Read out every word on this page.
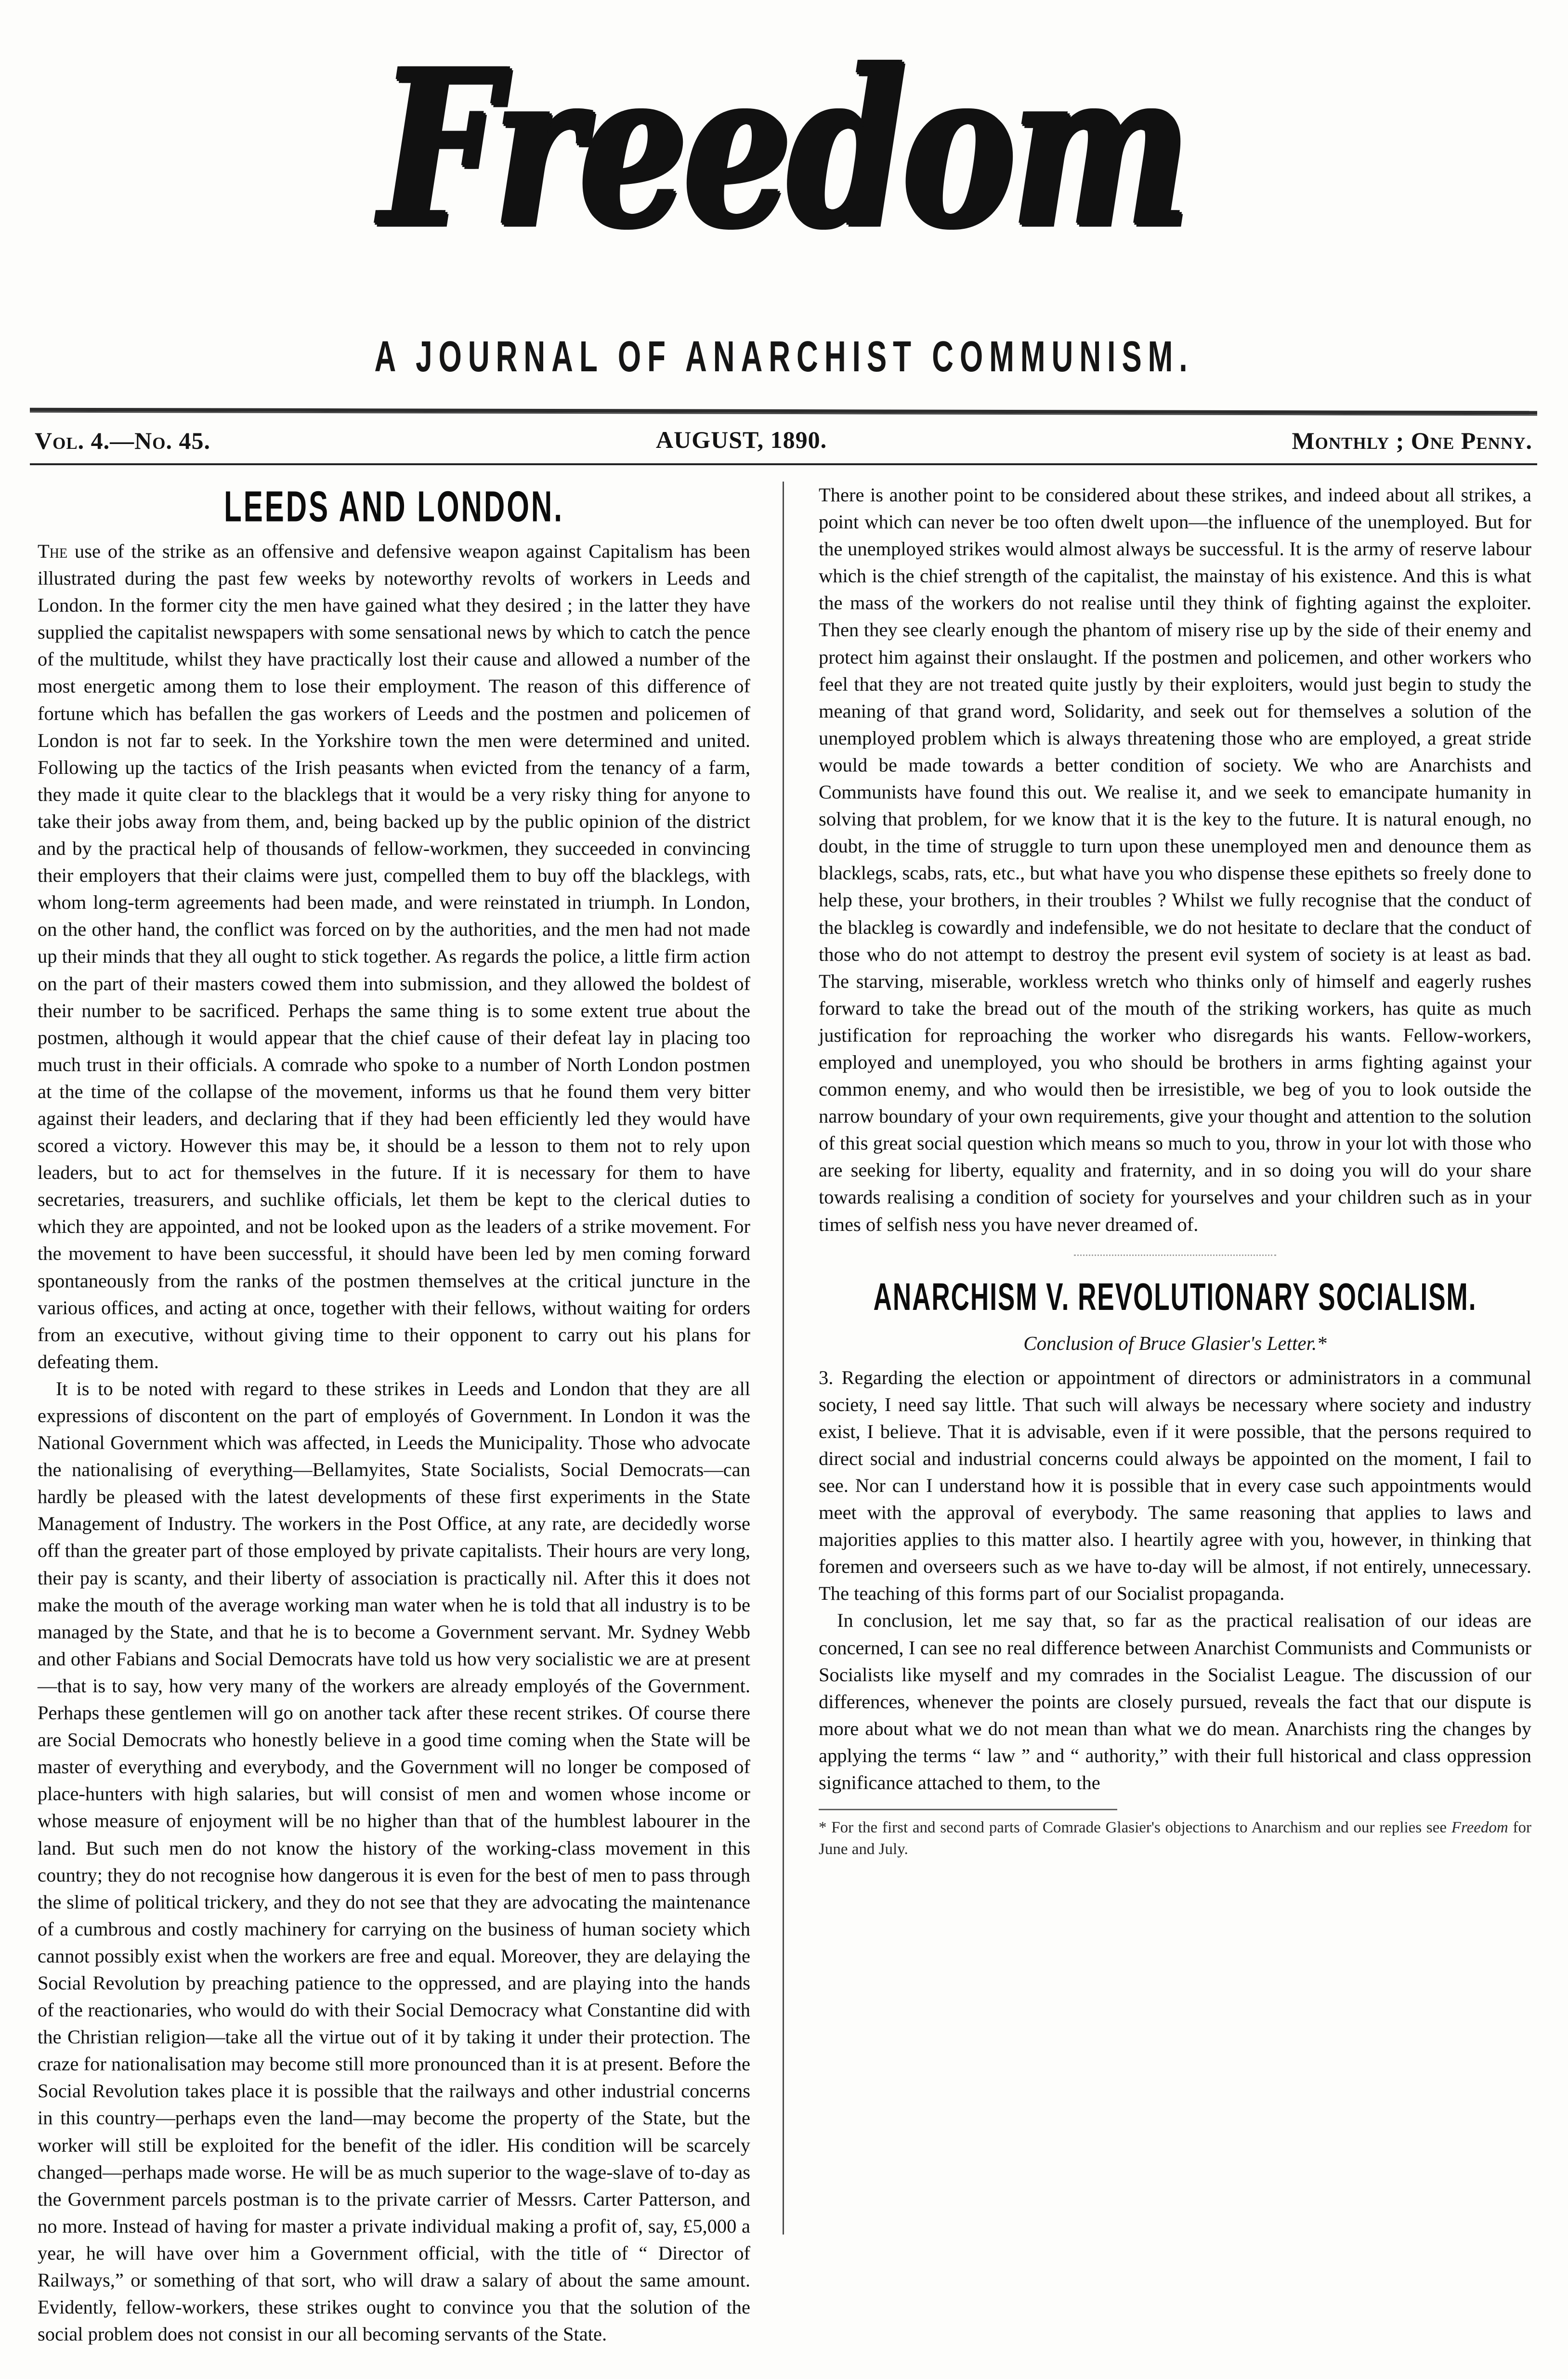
Freedom
A JOURNAL OF ANARCHIST COMMUNISM.
Vol. 4.—No. 45.	AUGUST, 1890.	Monthly ; One Penny.
LEEDS AND LONDON.

The use of the strike as an offensive and defensive weapon against Capitalism has been illustrated during the past few weeks by noteworthy revolts of workers in Leeds and London. In the former city the men have gained what they desired ; in the latter they have supplied the capitalist newspapers with some sensational news by which to catch the pence of the multitude, whilst they have practically lost their cause and allowed a number of the most energetic among them to lose their employment. The reason of this difference of fortune which has befallen the gas workers of Leeds and the postmen and policemen of London is not far to seek. In the Yorkshire town the men were determined and united. Following up the tactics of the Irish peasants when evicted from the tenancy of a farm, they made it quite clear to the blacklegs that it would be a very risky thing for anyone to take their jobs away from them, and, being backed up by the public opinion of the district and by the practical help of thousands of fellow-workmen, they succeeded in convincing their employers that their claims were just, compelled them to buy off the blacklegs, with whom long-term agreements had been made, and were reinstated in triumph. In London, on the other hand, the conflict was forced on by the authorities, and the men had not made up their minds that they all ought to stick together. As regards the police, a little firm action on the part of their masters cowed them into submission, and they allowed the boldest of their number to be sacrificed. Perhaps the same thing is to some extent true about the postmen, although it would appear that the chief cause of their defeat lay in placing too much trust in their officials. A comrade who spoke to a number of North London postmen at the time of the collapse of the movement, informs us that he found them very bitter against their leaders, and declaring that if they had been efficiently led they would have scored a victory. However this may be, it should be a lesson to them not to rely upon leaders, but to act for themselves in the future. If it is necessary for them to have secretaries, treasurers, and suchlike officials, let them be kept to the clerical duties to which they are appointed, and not be looked upon as the leaders of a strike movement. For the movement to have been successful, it should have been led by men coming forward spontaneously from the ranks of the postmen themselves at the critical juncture in the various offices, and acting at once, together with their fellows, without waiting for orders from an executive, without giving time to their opponent to carry out his plans for defeating them.

It is to be noted with regard to these strikes in Leeds and London that they are all expressions of discontent on the part of employés of Government. In London it was the National Government which was affected, in Leeds the Municipality. Those who advocate the nationalising of everything—Bellamyites, State Socialists, Social Democrats—can hardly be pleased with the latest developments of these first experiments in the State Management of Industry. The workers in the Post Office, at any rate, are decidedly worse off than the greater part of those employed by private capitalists. Their hours are very long, their pay is scanty, and their liberty of association is practically nil. After this it does not make the mouth of the average working man water when he is told that all industry is to be managed by the State, and that he is to become a Government servant. Mr. Sydney Webb and other Fabians and Social Democrats have told us how very socialistic we are at present—that is to say, how very many of the workers are already employés of the Government. Perhaps these gentlemen will go on another tack after these recent strikes. Of course there are Social Democrats who honestly believe in a good time coming when the State will be master of everything and everybody, and the Government will no longer be composed of place-hunters with high salaries, but will consist of men and women whose income or whose measure of enjoyment will be no higher than that of the humblest labourer in the land. But such men do not know the history of the working-class movement in this country; they do not recognise how dangerous it is even for the best of men to pass through the slime of political trickery, and they do not see that they are advocating the maintenance of a cumbrous and costly machinery for carrying on the business of human society which cannot possibly exist when the workers are free and equal. Moreover, they are delaying the Social Revolution by preaching patience to the oppressed, and are playing into the hands of the reactionaries, who would do with their Social Democracy what Constantine did with the Christian religion—take all the virtue out of it by taking it under their protection. The craze for nationalisation may become still more pronounced than it is at present. Before the Social Revolution takes place it is possible that the railways and other industrial concerns in this country—perhaps even the land—may become the property of the State, but the worker will still be exploited for the benefit of the idler. His condition will be scarcely changed—perhaps made worse. He will be as much superior to the wage-slave of to-day as the Government parcels postman is to the private carrier of Messrs. Carter Patterson, and no more. Instead of having for master a private individual making a profit of, say, £5,000 a year, he will have over him a Government official, with the title of “ Director of Railways,” or something of that sort, who will draw a salary of about the same amount. Evidently, fellow-workers, these strikes ought to convince you that the solution of the social problem does not consist in our all becoming servants of the State.

There is another point to be considered about these strikes, and indeed about all strikes, a point which can never be too often dwelt upon—the influence of the unemployed. But for the unemployed strikes would almost always be successful. It is the army of reserve labour which is the chief strength of the capitalist, the mainstay of his existence. And this is what the mass of the workers do not realise until they think of fighting against the exploiter. Then they see clearly enough the phantom of misery rise up by the side of their enemy and protect him against their onslaught. If the postmen and policemen, and other workers who feel that they are not treated quite justly by their exploiters, would just begin to study the meaning of that grand word, Solidarity, and seek out for themselves a solution of the unemployed problem which is always threatening those who are employed, a great stride would be made towards a better condition of society. We who are Anarchists and Communists have found this out. We realise it, and we seek to emancipate humanity in solving that problem, for we know that it is the key to the future. It is natural enough, no doubt, in the time of struggle to turn upon these unemployed men and denounce them as blacklegs, scabs, rats, etc., but what have you who dispense these epithets so freely done to help these, your brothers, in their troubles ? Whilst we fully recognise that the conduct of the blackleg is cowardly and indefensible, we do not hesitate to declare that the conduct of those who do not attempt to destroy the present evil system of society is at least as bad. The starving, miserable, workless wretch who thinks only of himself and eagerly rushes forward to take the bread out of the mouth of the striking workers, has quite as much justification for reproaching the worker who disregards his wants. Fellow-workers, employed and unemployed, you who should be brothers in arms fighting against your common enemy, and who would then be irresistible, we beg of you to look outside the narrow boundary of your own requirements, give your thought and attention to the solution of this great social question which means so much to you, throw in your lot with those who are seeking for liberty, equality and fraternity, and in so doing you will do your share towards realising a condition of society for yourselves and your children such as in your times of selfish ness you have never dreamed of.

ANARCHISM V. REVOLUTIONARY SOCIALISM.
Conclusion of Bruce Glasier's Letter.*

3. Regarding the election or appointment of directors or administrators in a communal society, I need say little. That such will always be necessary where society and industry exist, I believe. That it is advisable, even if it were possible, that the persons required to direct social and industrial concerns could always be appointed on the moment, I fail to see. Nor can I understand how it is possible that in every case such appointments would meet with the approval of everybody. The same reasoning that applies to laws and majorities applies to this matter also. I heartily agree with you, however, in thinking that foremen and overseers such as we have to-day will be almost, if not entirely, unnecessary. The teaching of this forms part of our Socialist propaganda.

In conclusion, let me say that, so far as the practical realisation of our ideas are concerned, I can see no real difference between Anarchist Communists and Communists or Socialists like myself and my comrades in the Socialist League. The discussion of our differences, whenever the points are closely pursued, reveals the fact that our dispute is more about what we do not mean than what we do mean. Anarchists ring the changes by applying the terms “ law ” and “ authority,” with their full historical and class oppression significance attached to them, to the

* For the first and second parts of Comrade Glasier's objections to Anarchism and our replies see Freedom for June and July.
